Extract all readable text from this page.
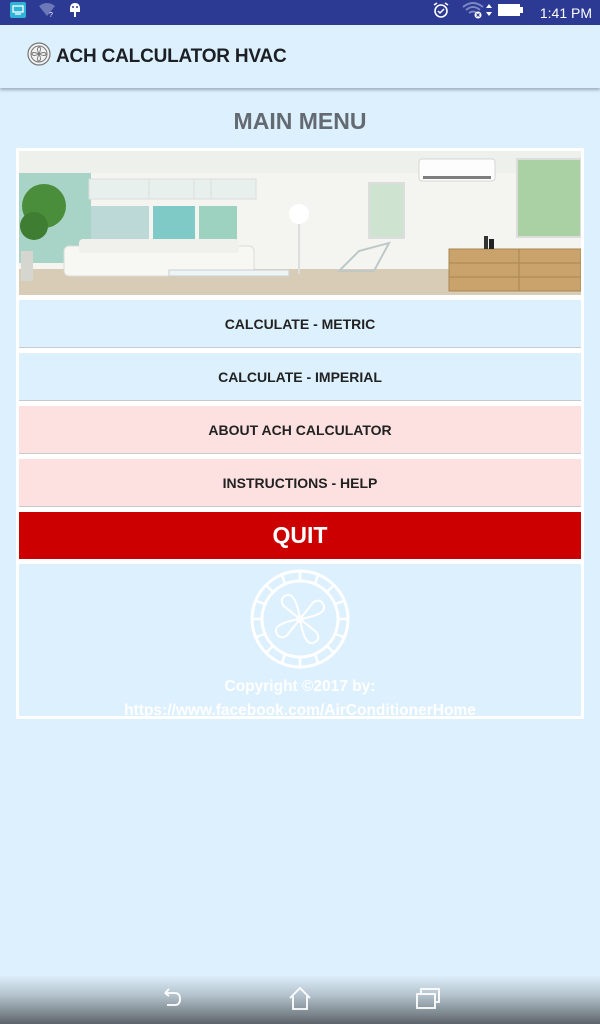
?	1:41 PM
ACH CALCULATOR HVAC
MAIN MENU
CALCULATE - METRIC
CALCULATE - IMPERIAL
ABOUT ACH CALCULATOR
INSTRUCTIONS - HELP
QUIT
Copyright ©2017 by:
https://www.facebook.com/AirConditionerHome
